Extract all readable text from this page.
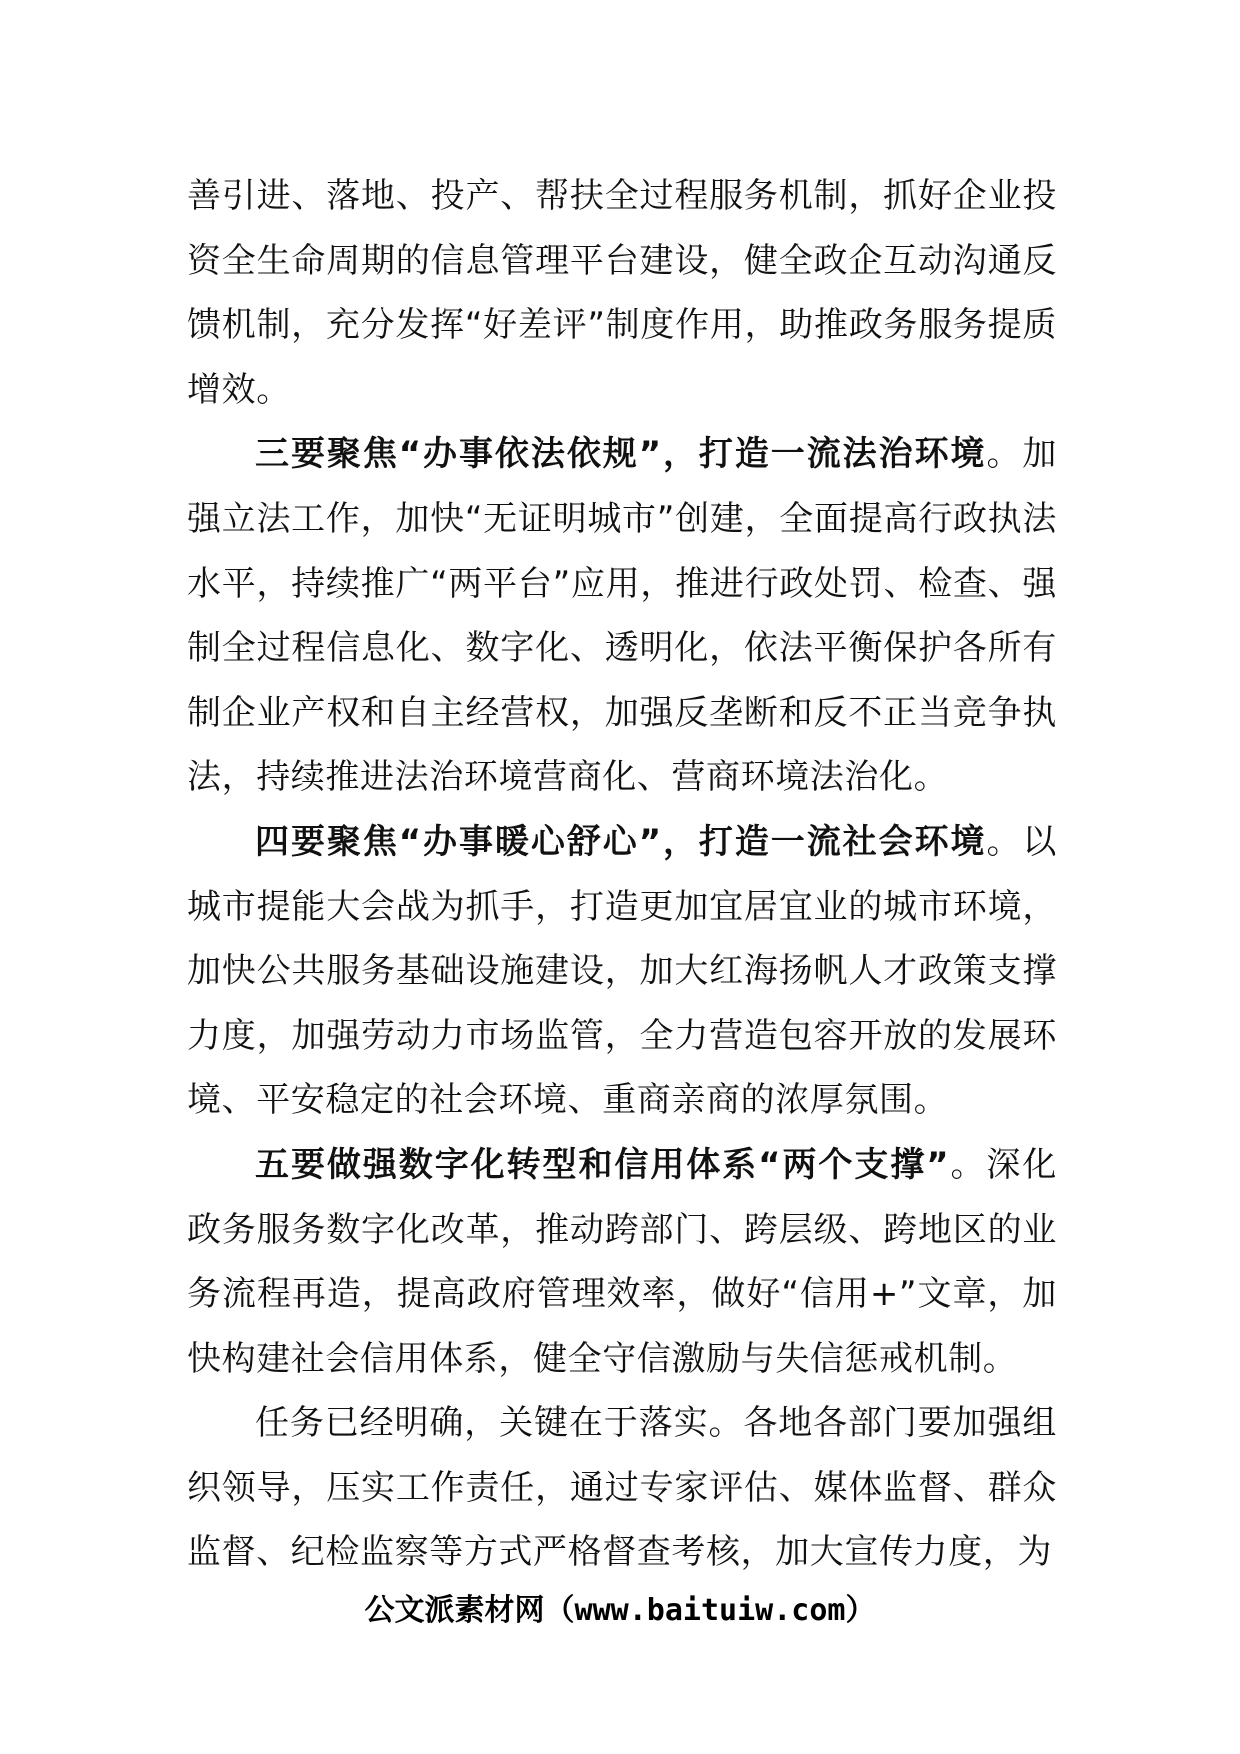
善引进、落地、投产、帮扶全过程服务机制，抓好企业投资全生命周期的信息管理平台建设，健全政企互动沟通反馈机制，充分发挥“好差评”制度作用，助推政务服务提质增效。

三要聚焦“办事依法依规”，打造一流法治环境。加强立法工作，加快“无证明城市”创建，全面提高行政执法水平，持续推广“两平台”应用，推进行政处罚、检查、强制全过程信息化、数字化、透明化，依法平衡保护各所有制企业产权和自主经营权，加强反垄断和反不正当竞争执法，持续推进法治环境营商化、营商环境法治化。

四要聚焦“办事暖心舒心”，打造一流社会环境。以城市提能大会战为抓手，打造更加宜居宜业的城市环境，加快公共服务基础设施建设，加大红海扬帆人才政策支撑力度，加强劳动力市场监管，全力营造包容开放的发展环境、平安稳定的社会环境、重商亲商的浓厚氛围。

五要做强数字化转型和信用体系“两个支撑”。深化政务服务数字化改革，推动跨部门、跨层级、跨地区的业务流程再造，提高政府管理效率，做好“信用+”文章，加快构建社会信用体系，健全守信激励与失信惩戒机制。

任务已经明确，关键在于落实。各地各部门要加强组织领导，压实工作责任，通过专家评估、媒体监督、群众监督、纪检监察等方式严格督查考核，加大宣传力度，为

公文派素材网（www.baituiw.com）
